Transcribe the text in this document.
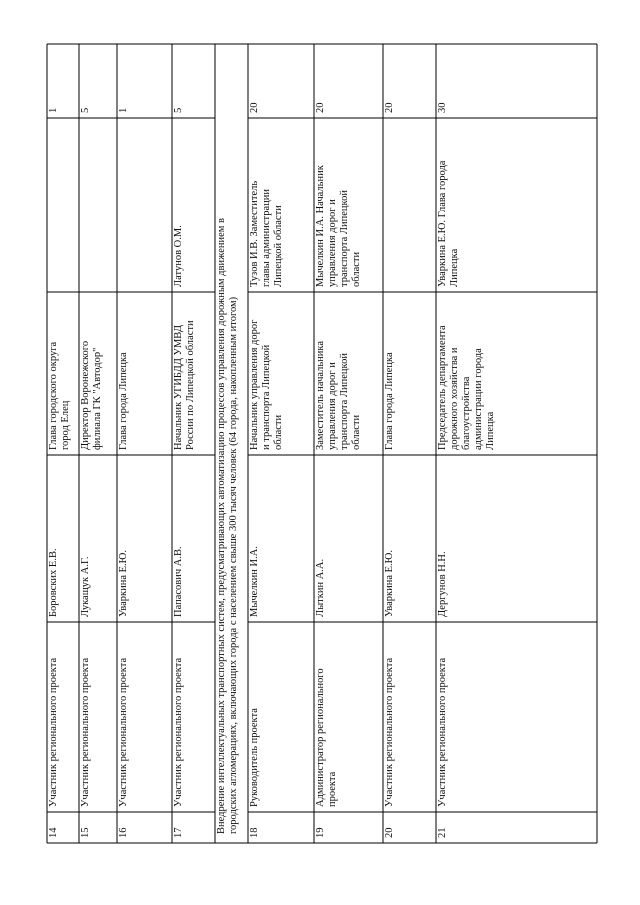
14
Участник регионального проекта
Боровских Е.В.
Глава городского округагород Елец
1
15
Участник регионального проекта
Лукащук А.Г.
Директор Воронежскогофилиала ГК "Автодор"
5
16
Участник регионального проекта
Уваркина Е.Ю.
Глава города Липецка
1
17
Участник регионального проекта
Папасович А.В.
Начальник УГИБДД УМВДРоссии по Липецкой области
Латунов О.М.
5
Внедрение интеллектуальных транспортных систем, предусматривающих автоматизацию процессов управления дорожным движением вгородских агломерациях, включающих города с населением свыше 300 тысяч человек (64 города, накопленным итогом) 18
Руководитель проекта
Мычелкин И.А.
Начальник управления дороги транспорта Липецкойобласти
Тузов И.В. Заместительглавы администрацииЛипецкой области
20
19
Администратор региональногопроекта
Лыткин А.А.
Заместитель начальникауправления дорог итранспорта Липецкойобласти
Мычелкин И.А. Начальникуправления дорог итранспорта Липецкойобласти
20
20
Участник регионального проекта
Уваркина Е.Ю.
Глава города Липецка
20
21
Участник регионального проекта
Дергунов Н.Н.
Председатель департаментадорожного хозяйства иблагоустройстваадминистрации городаЛипецка
Уваркина Е.Ю. Глава городаЛипецка
30
